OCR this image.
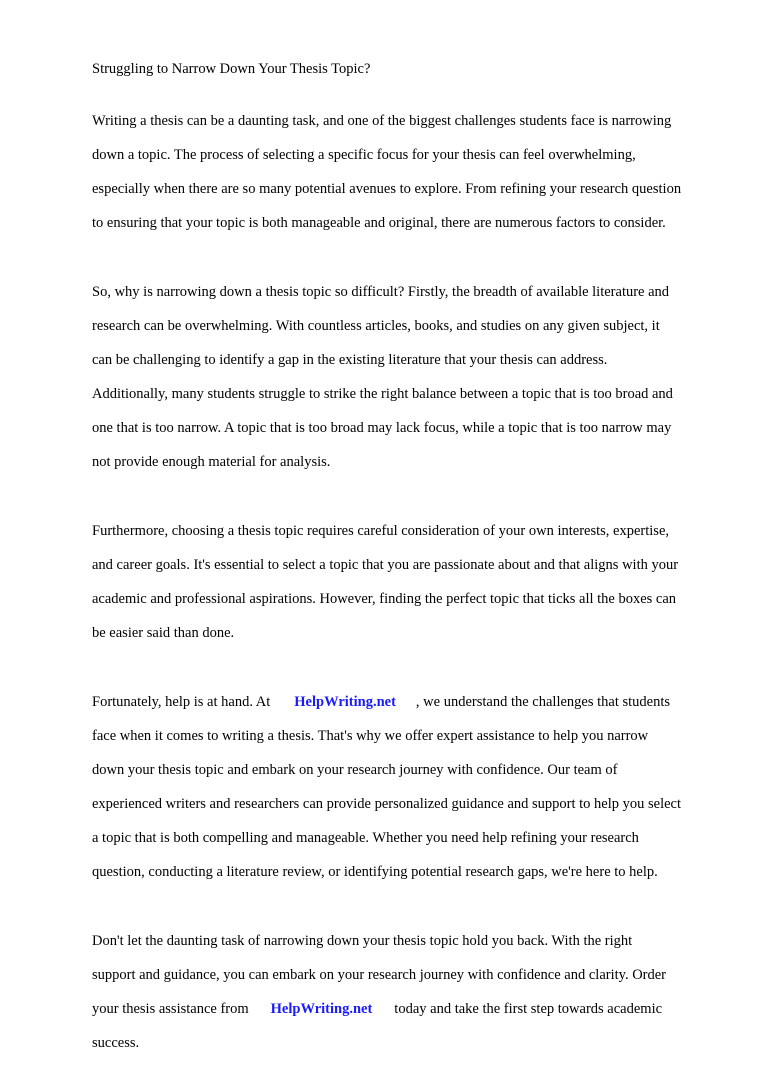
Struggling to Narrow Down Your Thesis Topic?

Writing a thesis can be a daunting task, and one of the biggest challenges students face is narrowing

down a topic. The process of selecting a specific focus for your thesis can feel overwhelming,

especially when there are so many potential avenues to explore. From refining your research question

to ensuring that your topic is both manageable and original, there are numerous factors to consider.

So, why is narrowing down a thesis topic so difficult? Firstly, the breadth of available literature and

research can be overwhelming. With countless articles, books, and studies on any given subject, it

can be challenging to identify a gap in the existing literature that your thesis can address.

Additionally, many students struggle to strike the right balance between a topic that is too broad and

one that is too narrow. A topic that is too broad may lack focus, while a topic that is too narrow may

not provide enough material for analysis.

Furthermore, choosing a thesis topic requires careful consideration of your own interests, expertise,

and career goals. It's essential to select a topic that you are passionate about and that aligns with your

academic and professional aspirations. However, finding the perfect topic that ticks all the boxes can

be easier said than done.

Fortunately, help is at hand. At HelpWriting.net , we understand the challenges that students

face when it comes to writing a thesis. That's why we offer expert assistance to help you narrow

down your thesis topic and embark on your research journey with confidence. Our team of

experienced writers and researchers can provide personalized guidance and support to help you select

a topic that is both compelling and manageable. Whether you need help refining your research

question, conducting a literature review, or identifying potential research gaps, we're here to help.

Don't let the daunting task of narrowing down your thesis topic hold you back. With the right

support and guidance, you can embark on your research journey with confidence and clarity. Order

your thesis assistance from HelpWriting.net today and take the first step towards academic

success.
